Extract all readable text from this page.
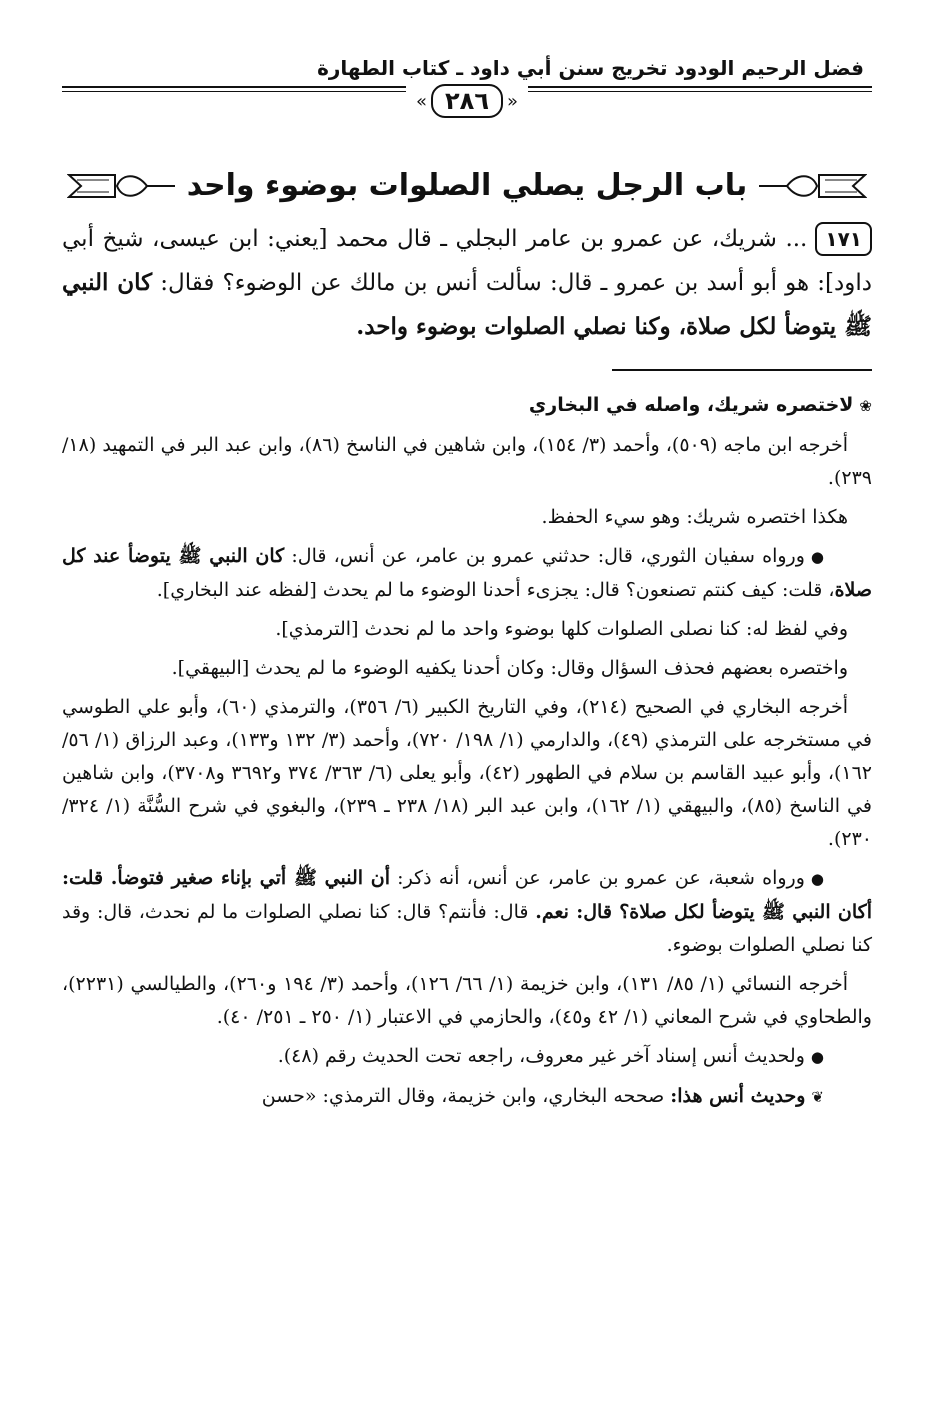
فضل الرحيم الودود تخريج سنن أبي داود ـ كتاب الطهارة
«
٢٨٦
»
باب الرجل يصلي الصلوات بوضوء واحد
١٧١... شريك، عن عمرو بن عامر البجلي ـ قال محمد [يعني: ابن عيسى، شيخ أبي داود]: هو أبو أسد بن عمرو ـ قال: سألت أنس بن مالك عن الوضوء؟ فقال: كان النبي ﷺ يتوضأ لكل صلاة، وكنا نصلي الصلوات بوضوء واحد.

❀لاختصره شريك، واصله في البخاري

أخرجه ابن ماجه (٥٠٩)، وأحمد (٣/ ١٥٤)، وابن شاهين في الناسخ (٨٦)، وابن عبد البر في التمهيد (١٨/ ٢٣٩).

هكذا اختصره شريك: وهو سيء الحفظ.

●ورواه سفيان الثوري، قال: حدثني عمرو بن عامر، عن أنس، قال: كان النبي ﷺ يتوضأ عند كل صلاة، قلت: كيف كنتم تصنعون؟ قال: يجزىء أحدنا الوضوء ما لم يحدث [لفظه عند البخاري].

وفي لفظ له: كنا نصلى الصلوات كلها بوضوء واحد ما لم نحدث [الترمذي].

واختصره بعضهم فحذف السؤال وقال: وكان أحدنا يكفيه الوضوء ما لم يحدث [البيهقي].

أخرجه البخاري في الصحيح (٢١٤)، وفي التاريخ الكبير (٦/ ٣٥٦)، والترمذي (٦٠)، وأبو علي الطوسي في مستخرجه على الترمذي (٤٩)، والدارمي (١/ ١٩٨/ ٧٢٠)، وأحمد (٣/ ١٣٢ و١٣٣)، وعبد الرزاق (١/ ٥٦/ ١٦٢)، وأبو عبيد القاسم بن سلام في الطهور (٤٢)، وأبو يعلى (٦/ ٣٦٣/ ٣٧٤ و٣٦٩٢ و٣٧٠٨)، وابن شاهين في الناسخ (٨٥)، والبيهقي (١/ ١٦٢)، وابن عبد البر (١٨/ ٢٣٨ ـ ٢٣٩)، والبغوي في شرح السُّنَّة (١/ ٣٢٤/ ٢٣٠).

●ورواه شعبة، عن عمرو بن عامر، عن أنس، أنه ذكر: أن النبي ﷺ أتي بإناء صغير فتوضأ. قلت: أكان النبي ﷺ يتوضأ لكل صلاة؟ قال: نعم. قال: فأنتم؟ قال: كنا نصلي الصلوات ما لم نحدث، قال: وقد كنا نصلي الصلوات بوضوء.

أخرجه النسائي (١/ ٨٥/ ١٣١)، وابن خزيمة (١/ ٦٦/ ١٢٦)، وأحمد (٣/ ١٩٤ و٢٦٠)، والطيالسي (٢٢٣١)، والطحاوي في شرح المعاني (١/ ٤٢ و٤٥)، والحازمي في الاعتبار (١/ ٢٥٠ ـ ٢٥١/ ٤٠).

●ولحديث أنس إسناد آخر غير معروف، راجعه تحت الحديث رقم (٤٨).

❦وحديث أنس هذا: صححه البخاري، وابن خزيمة، وقال الترمذي: «حسن
